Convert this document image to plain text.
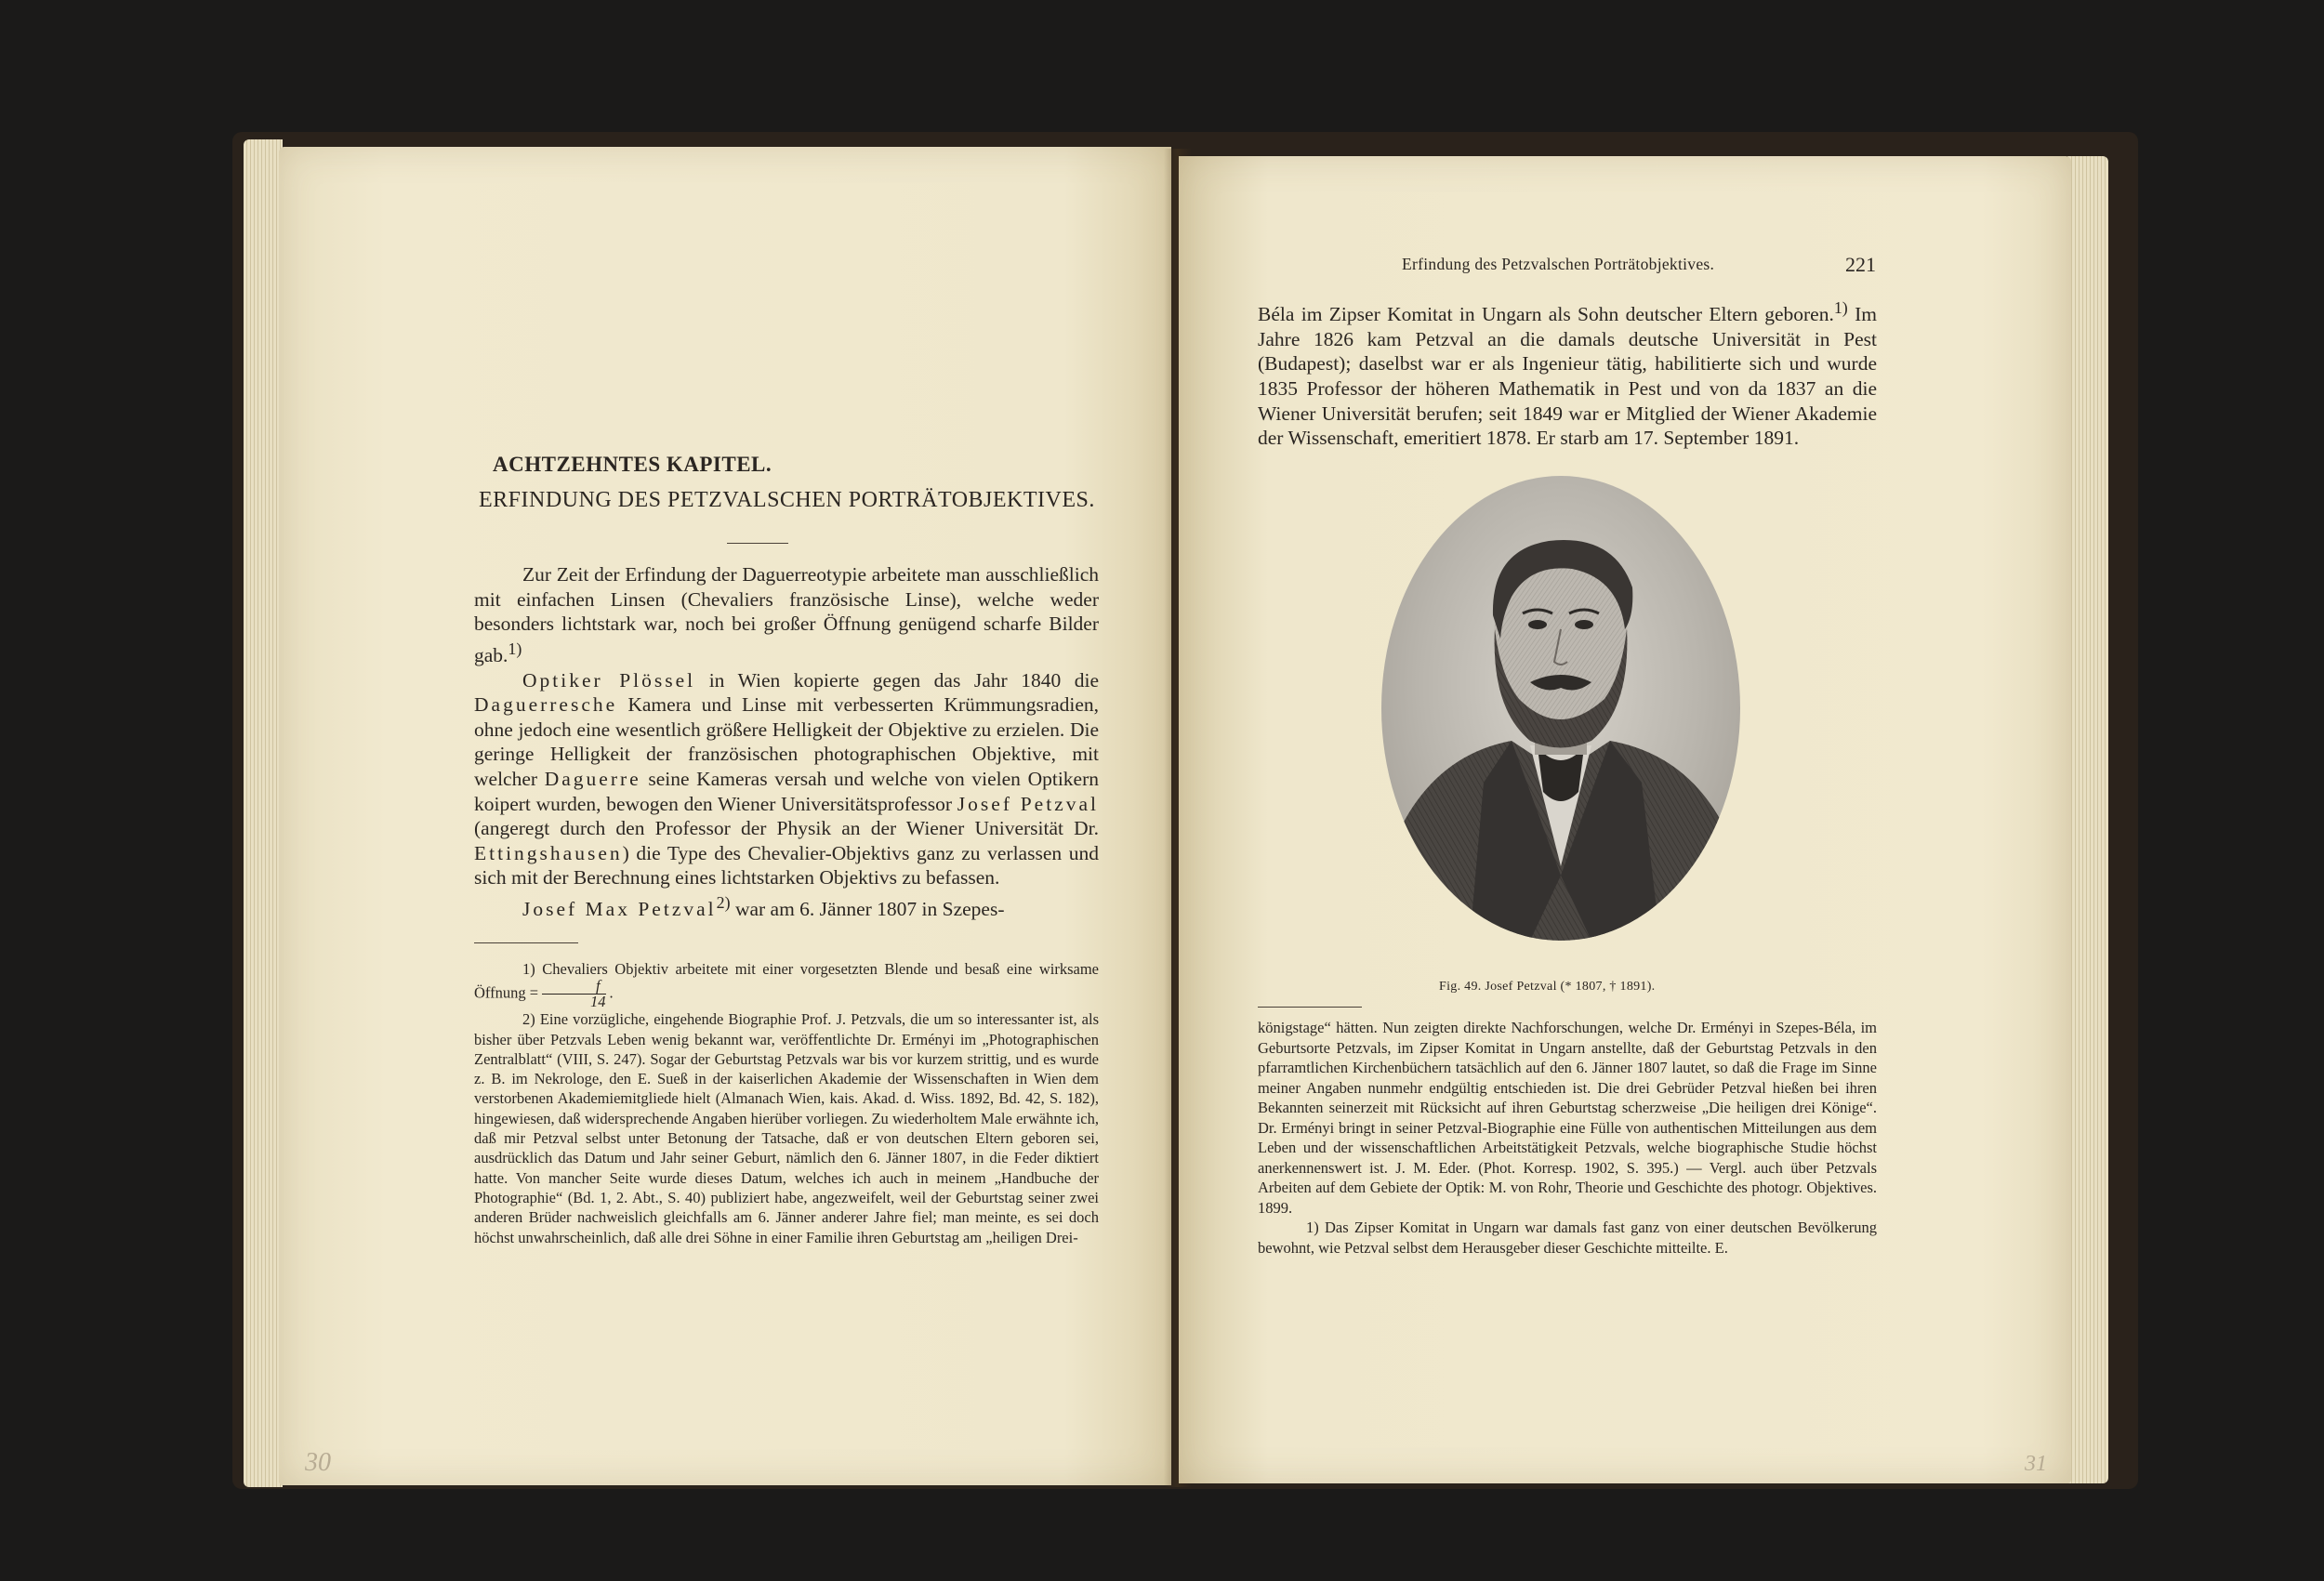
ACHTZEHNTES KAPITEL.
ERFINDUNG DES PETZVALSCHEN PORTRÄTOBJEKTIVES.

Zur Zeit der Erfindung der Daguerreotypie arbeitete man ausschließlich mit einfachen Linsen (Chevaliers französische Linse), welche weder besonders lichtstark war, noch bei großer Öffnung genügend scharfe Bilder gab.$^{1)}$

Optiker Plössel in Wien kopierte gegen das Jahr 1840 die Daguerresche Kamera und Linse mit verbesserten Krümmungsradien, ohne jedoch eine wesentlich größere Helligkeit der Objektive zu erzielen. Die geringe Helligkeit der französischen photographischen Objektive, mit welcher Daguerre seine Kameras versah und welche von vielen Optikern koipert wurden, bewogen den Wiener Universitätsprofessor Josef Petzval (angeregt durch den Professor der Physik an der Wiener Universität Dr. Ettingshausen) die Type des Chevalier-Objektivs ganz zu verlassen und sich mit der Berechnung eines lichtstarken Objektivs zu befassen.

Josef Max Petzval$^{2)}$ war am 6. Jänner 1807 in Szepes-

1) Chevaliers Objektiv arbeitete mit einer vorgesetzten Blende und besaß eine wirksame Öffnung = $\frac{f}{14}$ .

2) Eine vorzügliche, eingehende Biographie Prof. J. Petzvals, die um so interessanter ist, als bisher über Petzvals Leben wenig bekannt war, veröffentlichte Dr. Erményi im „Photographischen Zentralblatt“ (VIII, S. 247). Sogar der Geburtstag Petzvals war bis vor kurzem strittig, und es wurde z. B. im Nekrologe, den E. Sueß in der kaiserlichen Akademie der Wissenschaften in Wien dem verstorbenen Akademiemitgliede hielt (Almanach Wien, kais. Akad. d. Wiss. 1892, Bd. 42, S. 182), hingewiesen, daß widersprechende Angaben hierüber vorliegen. Zu wiederholtem Male erwähnte ich, daß mir Petzval selbst unter Betonung der Tatsache, daß er von deutschen Eltern geboren sei, ausdrücklich das Datum und Jahr seiner Geburt, nämlich den 6. Jänner 1807, in die Feder diktiert hatte. Von mancher Seite wurde dieses Datum, welches ich auch in meinem „Handbuche der Photographie“ (Bd. 1, 2. Abt., S. 40) publiziert habe, angezweifelt, weil der Geburtstag seiner zwei anderen Brüder nachweislich gleichfalls am 6. Jänner anderer Jahre fiel; man meinte, es sei doch höchst unwahrscheinlich, daß alle drei Söhne in einer Familie ihren Geburtstag am „heiligen Drei-

30
Erfindung des Petzvalschen Porträtobjektives.	221

Béla im Zipser Komitat in Ungarn als Sohn deutscher Eltern geboren.$^{1)}$ Im Jahre 1826 kam Petzval an die damals deutsche Universität in Pest (Budapest); daselbst war er als Ingenieur tätig, habilitierte sich und wurde 1835 Professor der höheren Mathematik in Pest und von da 1837 an die Wiener Universität berufen; seit 1849 war er Mitglied der Wiener Akademie der Wissenschaft, emeritiert 1878. Er starb am 17. September 1891.

Fig. 49. Josef Petzval (* 1807, † 1891).

königstage“ hätten. Nun zeigten direkte Nachforschungen, welche Dr. Erményi in Szepes-Béla, im Geburtsorte Petzvals, im Zipser Komitat in Ungarn anstellte, daß der Geburtstag Petzvals in den pfarramtlichen Kirchenbüchern tatsächlich auf den 6. Jänner 1807 lautet, so daß die Frage im Sinne meiner Angaben nunmehr endgültig entschieden ist. Die drei Gebrüder Petzval hießen bei ihren Bekannten seinerzeit mit Rücksicht auf ihren Geburtstag scherzweise „Die heiligen drei Könige“. Dr. Erményi bringt in seiner Petzval-Biographie eine Fülle von authentischen Mitteilungen aus dem Leben und der wissenschaftlichen Arbeitstätigkeit Petzvals, welche biographische Studie höchst anerkennenswert ist. J. M. Eder. (Phot. Korresp. 1902, S. 395.) — Vergl. auch über Petzvals Arbeiten auf dem Gebiete der Optik: M. von Rohr, Theorie und Geschichte des photogr. Objektives. 1899.

1) Das Zipser Komitat in Ungarn war damals fast ganz von einer deutschen Bevölkerung bewohnt, wie Petzval selbst dem Herausgeber dieser Geschichte mitteilte. E.

31
